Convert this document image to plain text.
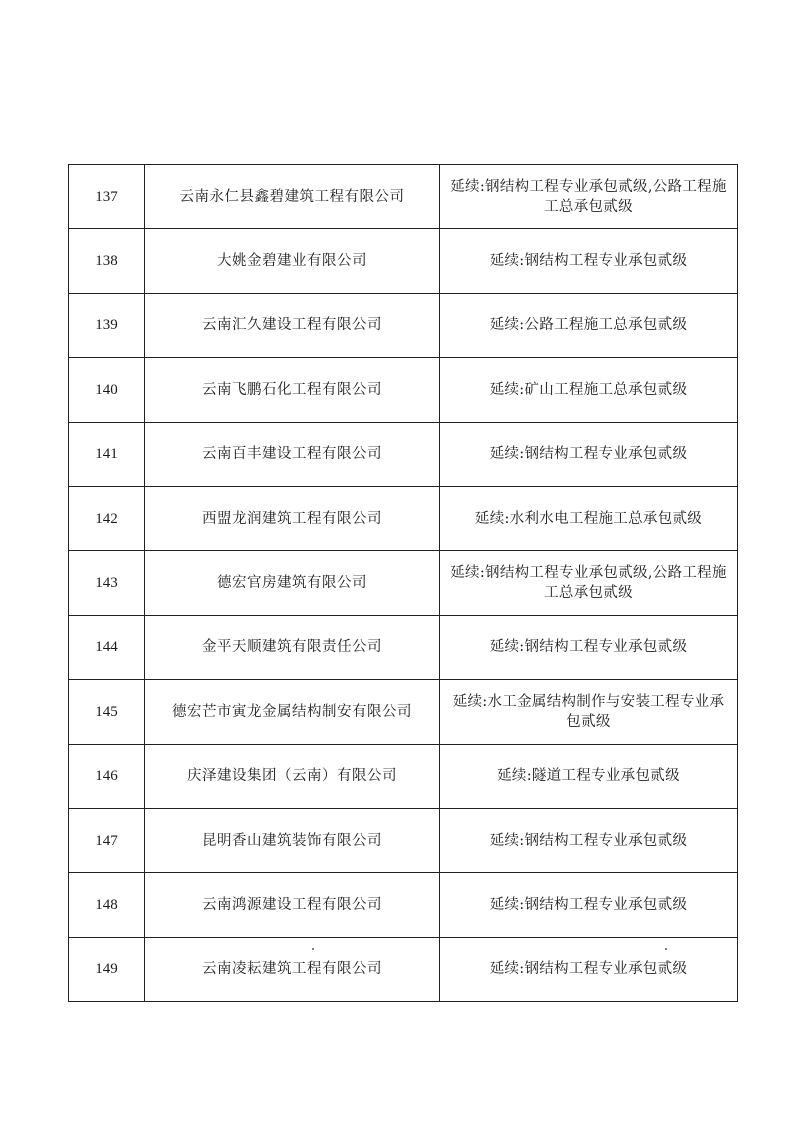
137	云南永仁县鑫碧建筑工程有限公司	延续:钢结构工程专业承包贰级,公路工程施工总承包贰级
138	大姚金碧建业有限公司	延续:钢结构工程专业承包贰级
139	云南汇久建设工程有限公司	延续:公路工程施工总承包贰级
140	云南飞鹏石化工程有限公司	延续:矿山工程施工总承包贰级
141	云南百丰建设工程有限公司	延续:钢结构工程专业承包贰级
142	西盟龙润建筑工程有限公司	延续:水利水电工程施工总承包贰级
143	德宏官房建筑有限公司	延续:钢结构工程专业承包贰级,公路工程施工总承包贰级
144	金平天顺建筑有限责任公司	延续:钢结构工程专业承包贰级
145	德宏芒市寅龙金属结构制安有限公司	延续:水工金属结构制作与安装工程专业承包贰级
146	庆泽建设集团（云南）有限公司	延续:隧道工程专业承包贰级
147	昆明香山建筑装饰有限公司	延续:钢结构工程专业承包贰级
148	云南鸿源建设工程有限公司	延续:钢结构工程专业承包贰级
149	云南凌耘建筑工程有限公司	延续:钢结构工程专业承包贰级
